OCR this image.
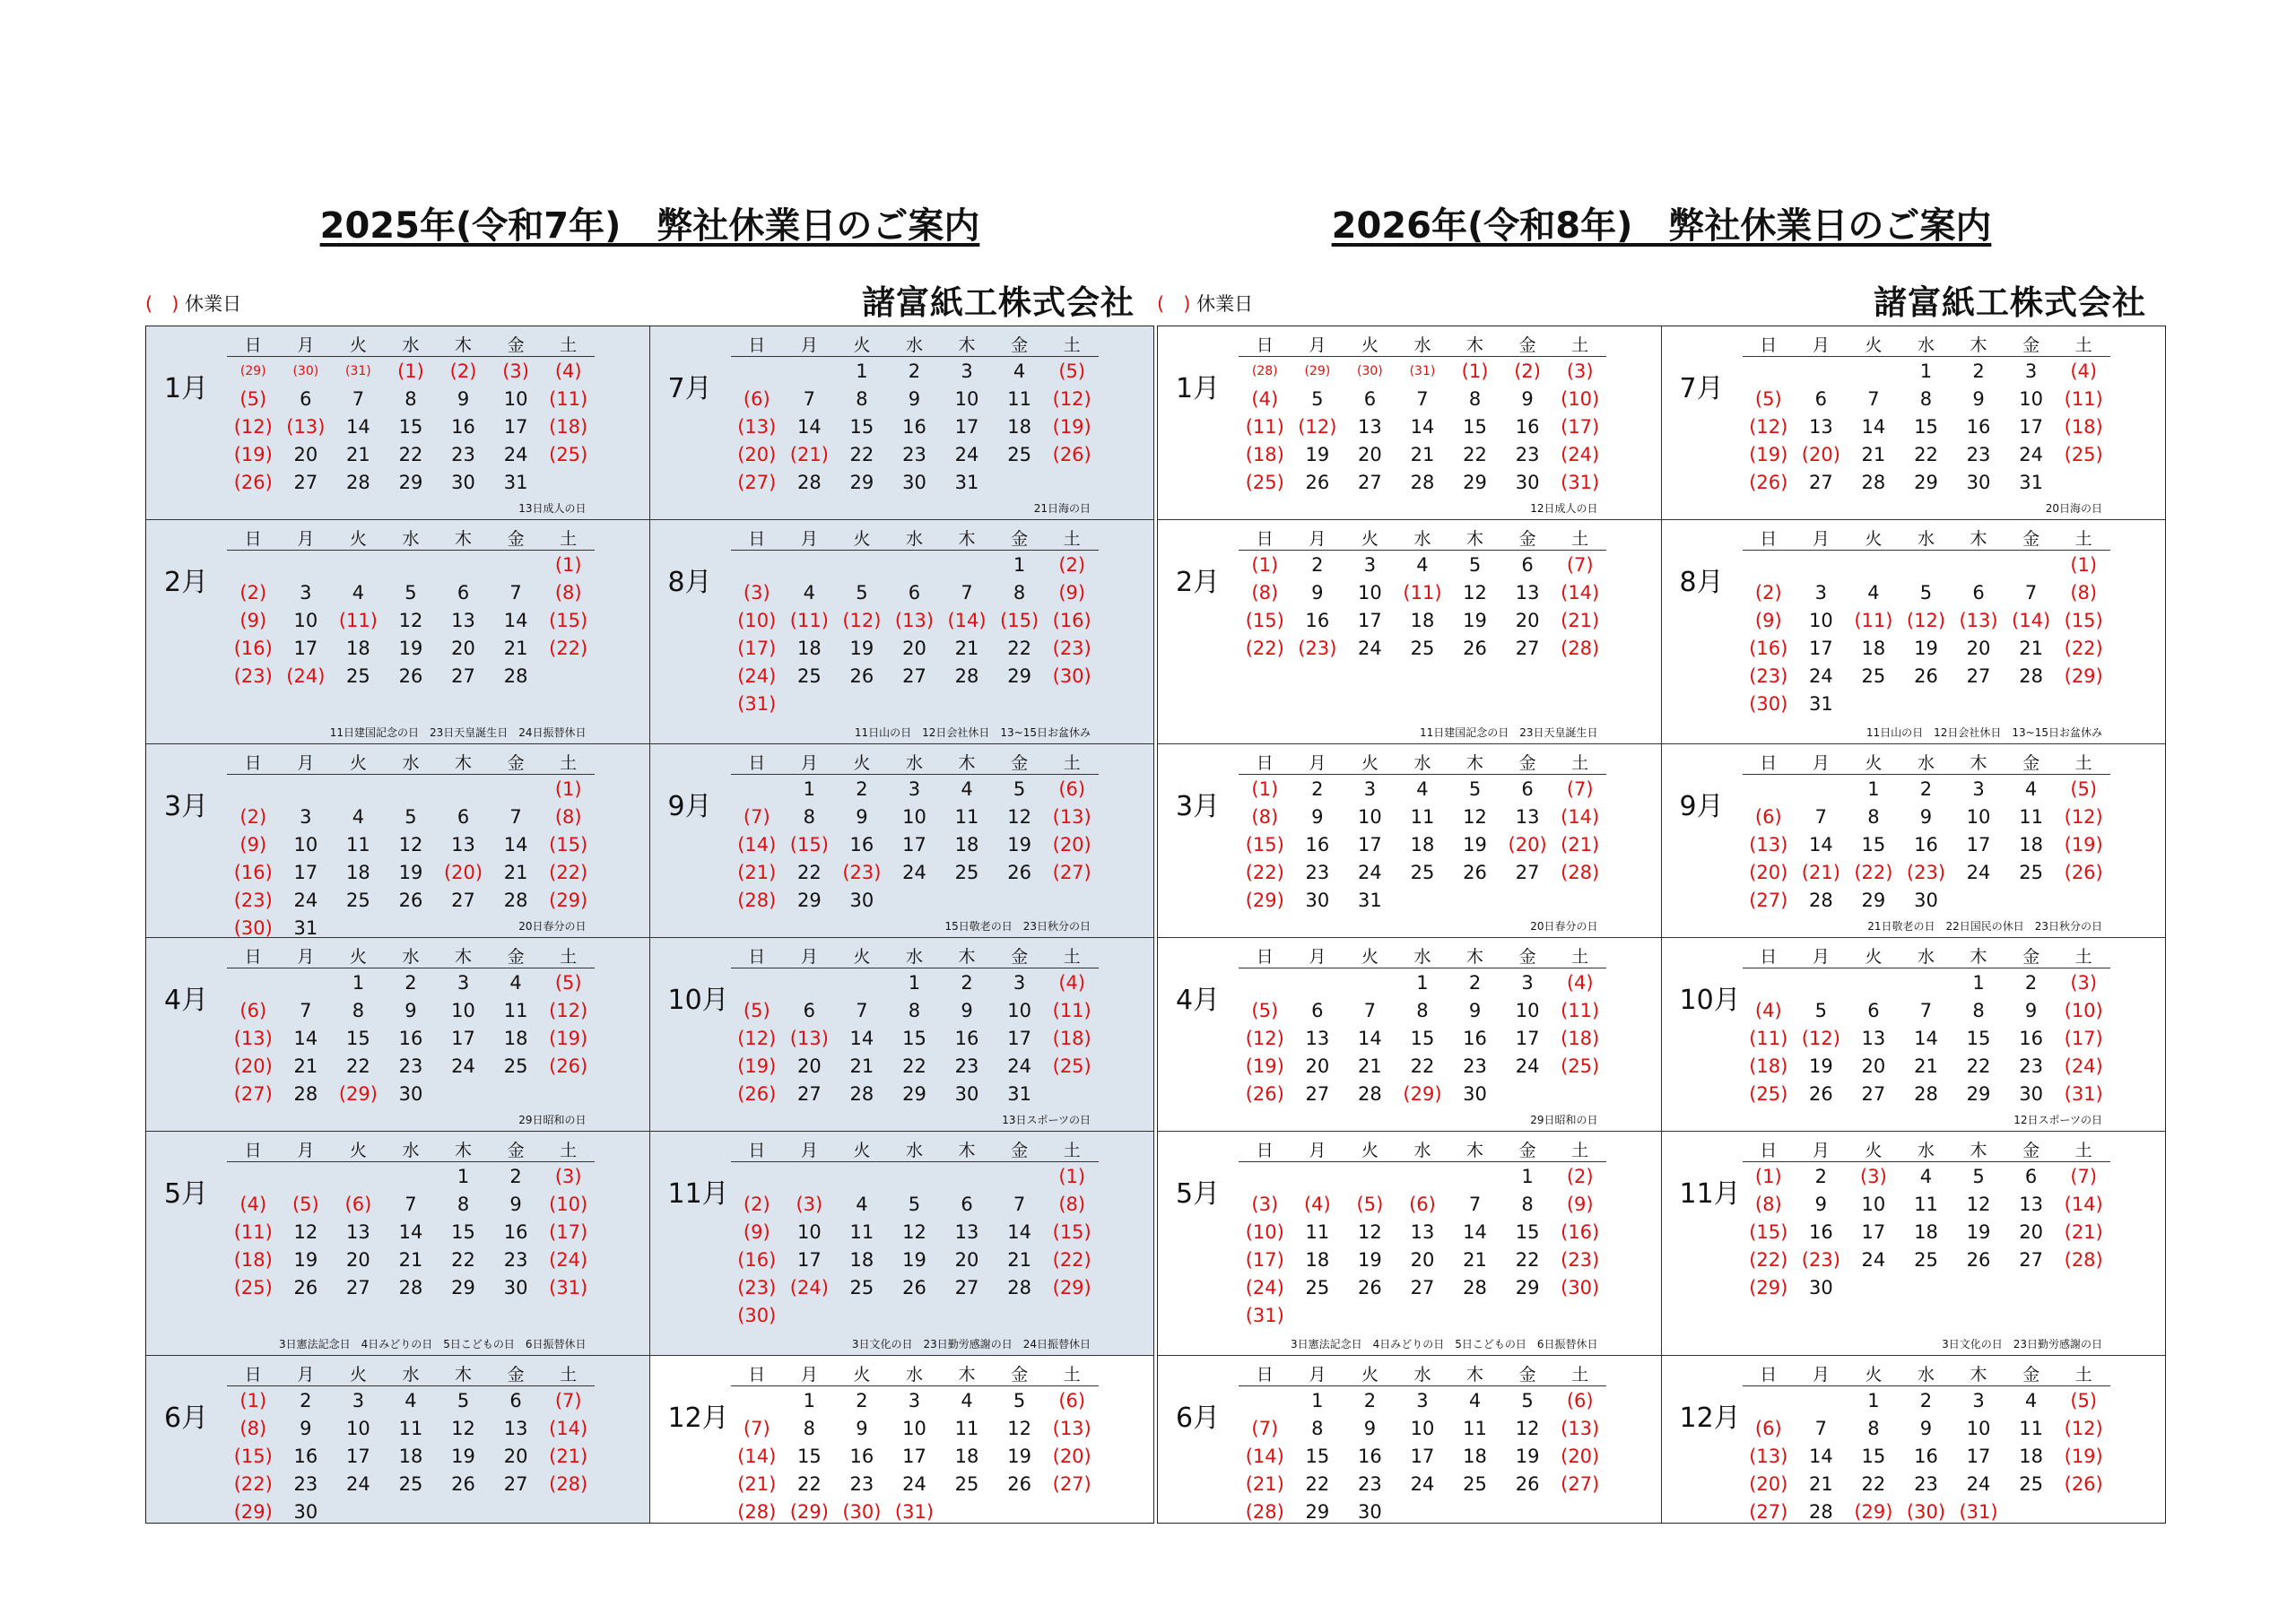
2025年(令和7年)　弊社休業日のご案内
(　) 休業日	諸富紙工株式会社
1月
日	月	火	水	木	金	土
(29)	(30)	(31)	(1)	(2)	(3)	(4)
(5)	6	7	8	9	10	(11)
(12)	(13)	14	15	16	17	(18)
(19)	20	21	22	23	24	(25)
(26)	27	28	29	30	31	
13日成人の日
7月
日	月	火	水	木	金	土
		1	2	3	4	(5)
(6)	7	8	9	10	11	(12)
(13)	14	15	16	17	18	(19)
(20)	(21)	22	23	24	25	(26)
(27)	28	29	30	31		
21日海の日
2月
日	月	火	水	木	金	土
						(1)
(2)	3	4	5	6	7	(8)
(9)	10	(11)	12	13	14	(15)
(16)	17	18	19	20	21	(22)
(23)	(24)	25	26	27	28	
11日建国記念の日　23日天皇誕生日　24日振替休日
8月
日	月	火	水	木	金	土
					1	(2)
(3)	4	5	6	7	8	(9)
(10)	(11)	(12)	(13)	(14)	(15)	(16)
(17)	18	19	20	21	22	(23)
(24)	25	26	27	28	29	(30)
(31)						
11日山の日　12日会社休日　13~15日お盆休み
3月
日	月	火	水	木	金	土
						(1)
(2)	3	4	5	6	7	(8)
(9)	10	11	12	13	14	(15)
(16)	17	18	19	(20)	21	(22)
(23)	24	25	26	27	28	(29)
(30)	31						20日春分の日
9月
日	月	火	水	木	金	土
	1	2	3	4	5	(6)
(7)	8	9	10	11	12	(13)
(14)	(15)	16	17	18	19	(20)
(21)	22	(23)	24	25	26	(27)
(28)	29	30				
15日敬老の日　23日秋分の日
4月
日	月	火	水	木	金	土
		1	2	3	4	(5)
(6)	7	8	9	10	11	(12)
(13)	14	15	16	17	18	(19)
(20)	21	22	23	24	25	(26)
(27)	28	(29)	30			
29日昭和の日
10月
日	月	火	水	木	金	土
			1	2	3	(4)
(5)	6	7	8	9	10	(11)
(12)	(13)	14	15	16	17	(18)
(19)	20	21	22	23	24	(25)
(26)	27	28	29	30	31	
13日スポーツの日
5月
日	月	火	水	木	金	土
				1	2	(3)
(4)	(5)	(6)	7	8	9	(10)
(11)	12	13	14	15	16	(17)
(18)	19	20	21	22	23	(24)
(25)	26	27	28	29	30	(31)
3日憲法記念日　4日みどりの日　5日こどもの日　6日振替休日
11月
日	月	火	水	木	金	土
						(1)
(2)	(3)	4	5	6	7	(8)
(9)	10	11	12	13	14	(15)
(16)	17	18	19	20	21	(22)
(23)	(24)	25	26	27	28	(29)
(30)						
3日文化の日　23日勤労感謝の日　24日振替休日
6月
日	月	火	水	木	金	土
(1)	2	3	4	5	6	(7)
(8)	9	10	11	12	13	(14)
(15)	16	17	18	19	20	(21)
(22)	23	24	25	26	27	(28)
(29)	30					
12月
日	月	火	水	木	金	土
	1	2	3	4	5	(6)
(7)	8	9	10	11	12	(13)
(14)	15	16	17	18	19	(20)
(21)	22	23	24	25	26	(27)
(28)	(29)	(30)	(31)			
2026年(令和8年)　弊社休業日のご案内
(　) 休業日	諸富紙工株式会社
1月
日	月	火	水	木	金	土
(28)	(29)	(30)	(31)	(1)	(2)	(3)
(4)	5	6	7	8	9	(10)
(11)	(12)	13	14	15	16	(17)
(18)	19	20	21	22	23	(24)
(25)	26	27	28	29	30	(31)
12日成人の日
7月
日	月	火	水	木	金	土
			1	2	3	(4)
(5)	6	7	8	9	10	(11)
(12)	13	14	15	16	17	(18)
(19)	(20)	21	22	23	24	(25)
(26)	27	28	29	30	31	
20日海の日
2月
日	月	火	水	木	金	土
(1)	2	3	4	5	6	(7)
(8)	9	10	(11)	12	13	(14)
(15)	16	17	18	19	20	(21)
(22)	(23)	24	25	26	27	(28)
11日建国記念の日　23日天皇誕生日
8月
日	月	火	水	木	金	土
						(1)
(2)	3	4	5	6	7	(8)
(9)	10	(11)	(12)	(13)	(14)	(15)
(16)	17	18	19	20	21	(22)
(23)	24	25	26	27	28	(29)
(30)	31					
11日山の日　12日会社休日　13~15日お盆休み
3月
日	月	火	水	木	金	土
(1)	2	3	4	5	6	(7)
(8)	9	10	11	12	13	(14)
(15)	16	17	18	19	(20)	(21)
(22)	23	24	25	26	27	(28)
(29)	30	31				
20日春分の日
9月
日	月	火	水	木	金	土
		1	2	3	4	(5)
(6)	7	8	9	10	11	(12)
(13)	14	15	16	17	18	(19)
(20)	(21)	(22)	(23)	24	25	(26)
(27)	28	29	30			
21日敬老の日　22日国民の休日　23日秋分の日
4月
日	月	火	水	木	金	土
			1	2	3	(4)
(5)	6	7	8	9	10	(11)
(12)	13	14	15	16	17	(18)
(19)	20	21	22	23	24	(25)
(26)	27	28	(29)	30		
29日昭和の日
10月
日	月	火	水	木	金	土
				1	2	(3)
(4)	5	6	7	8	9	(10)
(11)	(12)	13	14	15	16	(17)
(18)	19	20	21	22	23	(24)
(25)	26	27	28	29	30	(31)
12日スポーツの日
5月
日	月	火	水	木	金	土
					1	(2)
(3)	(4)	(5)	(6)	7	8	(9)
(10)	11	12	13	14	15	(16)
(17)	18	19	20	21	22	(23)
(24)	25	26	27	28	29	(30)
(31)						
3日憲法記念日　4日みどりの日　5日こどもの日　6日振替休日
11月
日	月	火	水	木	金	土
(1)	2	(3)	4	5	6	(7)
(8)	9	10	11	12	13	(14)
(15)	16	17	18	19	20	(21)
(22)	(23)	24	25	26	27	(28)
(29)	30					
3日文化の日　23日勤労感謝の日
6月
日	月	火	水	木	金	土
	1	2	3	4	5	(6)
(7)	8	9	10	11	12	(13)
(14)	15	16	17	18	19	(20)
(21)	22	23	24	25	26	(27)
(28)	29	30				
12月
日	月	火	水	木	金	土
		1	2	3	4	(5)
(6)	7	8	9	10	11	(12)
(13)	14	15	16	17	18	(19)
(20)	21	22	23	24	25	(26)
(27)	28	(29)	(30)	(31)		
